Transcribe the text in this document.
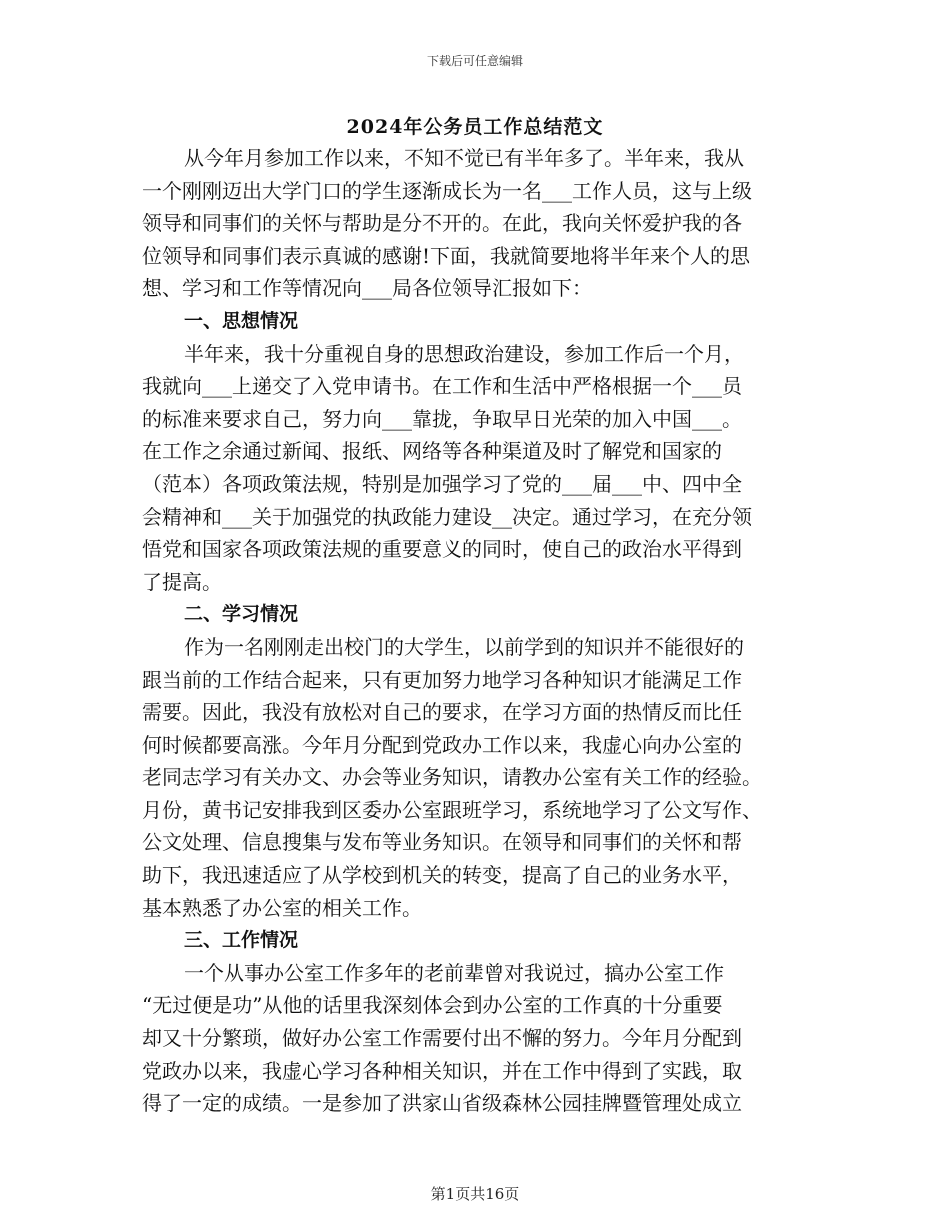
下载后可任意编辑
2024年公务员工作总结范文
从今年月参加工作以来，不知不觉已有半年多了。半年来，我从
一个刚刚迈出大学门口的学生逐渐成长为一名___工作人员，这与上级
领导和同事们的关怀与帮助是分不开的。在此，我向关怀爱护我的各
位领导和同事们表示真诚的感谢!下面，我就简要地将半年来个人的思
想、学习和工作等情况向___局各位领导汇报如下：
一、思想情况
半年来，我十分重视自身的思想政治建设，参加工作后一个月，
我就向___上递交了入党申请书。在工作和生活中严格根据一个___员
的标准来要求自己，努力向___靠拢，争取早日光荣的加入中国___。
在工作之余通过新闻、报纸、网络等各种渠道及时了解党和国家的
（范本）各项政策法规，特别是加强学习了党的___届___中、四中全
会精神和___关于加强党的执政能力建设__决定。通过学习，在充分领
悟党和国家各项政策法规的重要意义的同时，使自己的政治水平得到
了提高。
二、学习情况
作为一名刚刚走出校门的大学生，以前学到的知识并不能很好的
跟当前的工作结合起来，只有更加努力地学习各种知识才能满足工作
需要。因此，我没有放松对自己的要求，在学习方面的热情反而比任
何时候都要高涨。今年月分配到党政办工作以来，我虚心向办公室的
老同志学习有关办文、办会等业务知识，请教办公室有关工作的经验。
月份，黄书记安排我到区委办公室跟班学习，系统地学习了公文写作、
公文处理、信息搜集与发布等业务知识。在领导和同事们的关怀和帮
助下，我迅速适应了从学校到机关的转变，提高了自己的业务水平，
基本熟悉了办公室的相关工作。
三、工作情况
一个从事办公室工作多年的老前辈曾对我说过，搞办公室工作
“无过便是功”从他的话里我深刻体会到办公室的工作真的十分重要
却又十分繁琐，做好办公室工作需要付出不懈的努力。今年月分配到
党政办以来，我虚心学习各种相关知识，并在工作中得到了实践，取
得了一定的成绩。一是参加了洪家山省级森林公园挂牌暨管理处成立
第1页共16页
